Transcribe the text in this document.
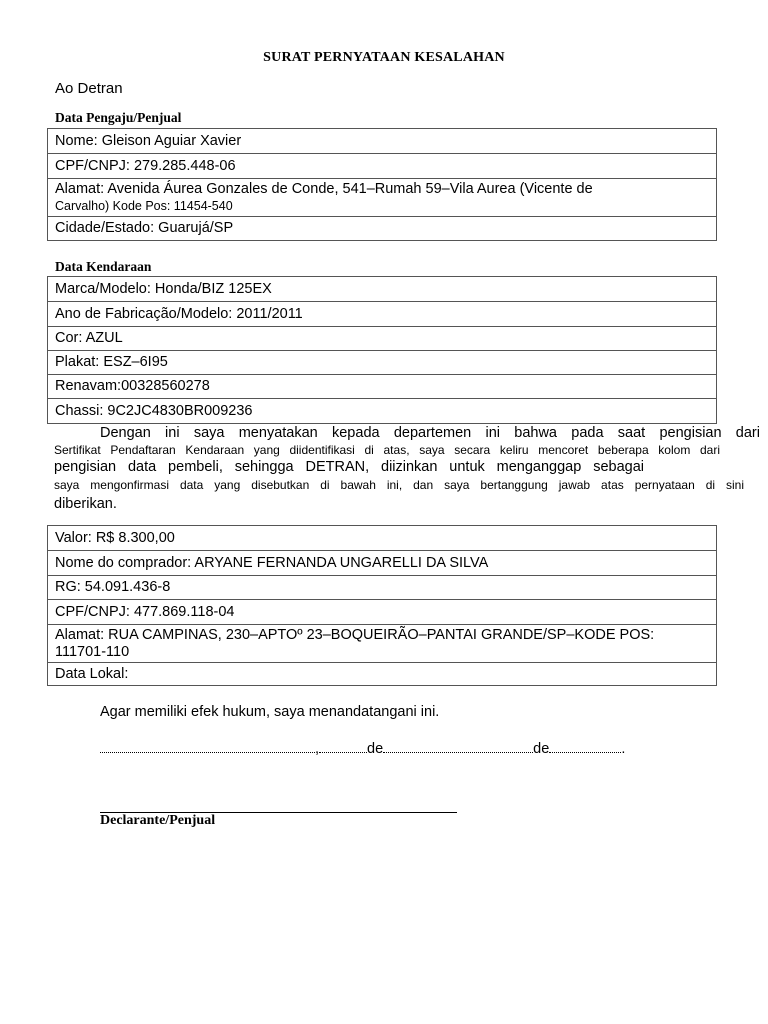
SURAT PERNYATAAN KESALAHAN
Ao Detran
Data Pengaju/Penjual
Nome: Gleison Aguiar Xavier
CPF/CNPJ: 279.285.448-06

Alamat: Avenida Áurea Gonzales de Conde, 541–Rumah 59–Vila Aurea (Vicente de
Carvalho) Kode Pos: 11454-540

Cidade/Estado: Guarujá/SP
Data Kendaraan
Marca/Modelo: Honda/BIZ 125EX
Ano de Fabricação/Modelo: 2011/2011
Cor: AZUL
Plakat: ESZ–6I95
Renavam:00328560278
Chassi: 9C2JC4830BR009236
Dengan ini saya menyatakan kepada departemen ini bahwa pada saat pengisian dari
Sertifikat Pendaftaran Kendaraan yang diidentifikasi di atas, saya secara keliru mencoret beberapa kolom dari
pengisian data pembeli, sehingga DETRAN, diizinkan untuk menganggap sebagai
saya mengonfirmasi data yang disebutkan di bawah ini, dan saya bertanggung jawab atas pernyataan di sini
diberikan.
Valor: R$ 8.300,00
Nome do comprador: ARYANE FERNANDA UNGARELLI DA SILVA
RG: 54.091.436-8
CPF/CNPJ: 477.869.118-04

Alamat: RUA CAMPINAS, 230–APTOº 23–BOQUEIRÃO–PANTAI GRANDE/SP–KODE POS:
111701-110

Data Lokal:
Agar memiliki efek hukum, saya menandatangani ini.
,	de	de	.
Declarante/Penjual
